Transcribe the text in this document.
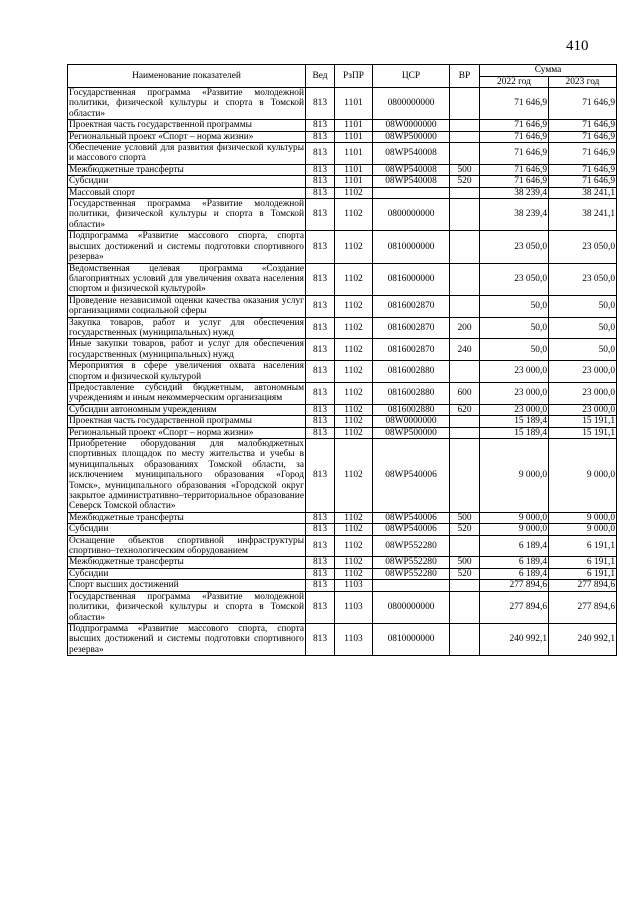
410
Наименование показателей	Вед	РзПР	ЦСР	ВР	Сумма	
					2022 год	2023 год
Государственная программа «Развитие молодежной политики, физической культуры и спорта в Томской области»	813	1101	0800000000		71 646,9	71 646,9
Проектная часть государственной программы	813	1101	08W0000000		71 646,9	71 646,9
Региональный проект «Спорт – норма жизни»	813	1101	08WP500000		71 646,9	71 646,9
Обеспечение условий для развития физической культуры и массового спорта	813	1101	08WP540008		71 646,9	71 646,9
Межбюджетные трансферты	813	1101	08WP540008	500	71 646,9	71 646,9
Субсидии	813	1101	08WP540008	520	71 646,9	71 646,9
Массовый спорт	813	1102			38 239,4	38 241,1
Государственная программа «Развитие молодежной политики, физической культуры и спорта в Томской области»	813	1102	0800000000		38 239,4	38 241,1
Подпрограмма «Развитие массового спорта, спорта высших достижений и системы подготовки спортивного резерва»	813	1102	0810000000		23 050,0	23 050,0
Ведомственная целевая программа «Создание благоприятных условий для увеличения охвата населения спортом и физической культурой»	813	1102	0816000000		23 050,0	23 050,0
Проведение независимой оценки качества оказания услуг организациями социальной сферы	813	1102	0816002870		50,0	50,0
Закупка товаров, работ и услуг для обеспечения государственных (муниципальных) нужд	813	1102	0816002870	200	50,0	50,0
Иные закупки товаров, работ и услуг для обеспечения государственных (муниципальных) нужд	813	1102	0816002870	240	50,0	50,0
Мероприятия в сфере увеличения охвата населения спортом и физической культурой	813	1102	0816002880		23 000,0	23 000,0
Предоставление субсидий бюджетным, автономным учреждениям и иным некоммерческим организациям	813	1102	0816002880	600	23 000,0	23 000,0
Субсидии автономным учреждениям	813	1102	0816002880	620	23 000,0	23 000,0
Проектная часть государственной программы	813	1102	08W0000000		15 189,4	15 191,1
Региональный проект «Спорт – норма жизни»	813	1102	08WP500000		15 189,4	15 191,1
Приобретение оборудования для малобюджетных спортивных площадок по месту жительства и учебы в муниципальных образованиях Томской области, за исключением муниципального образования «Город Томск», муниципального образования «Городской округ закрытое административно–территориальное образование Северск Томской области»	813	1102	08WP540006		9 000,0	9 000,0
Межбюджетные трансферты	813	1102	08WP540006	500	9 000,0	9 000,0
Субсидии	813	1102	08WP540006	520	9 000,0	9 000,0
Оснащение объектов спортивной инфраструктуры спортивно–технологическим оборудованием	813	1102	08WP552280		6 189,4	6 191,1
Межбюджетные трансферты	813	1102	08WP552280	500	6 189,4	6 191,1
Субсидии	813	1102	08WP552280	520	6 189,4	6 191,1
Спорт высших достижений	813	1103			277 894,6	277 894,6
Государственная программа «Развитие молодежной политики, физической культуры и спорта в Томской области»	813	1103	0800000000		277 894,6	277 894,6
Подпрограмма «Развитие массового спорта, спорта высших достижений и системы подготовки спортивного резерва»	813	1103	0810000000		240 992,1	240 992,1
